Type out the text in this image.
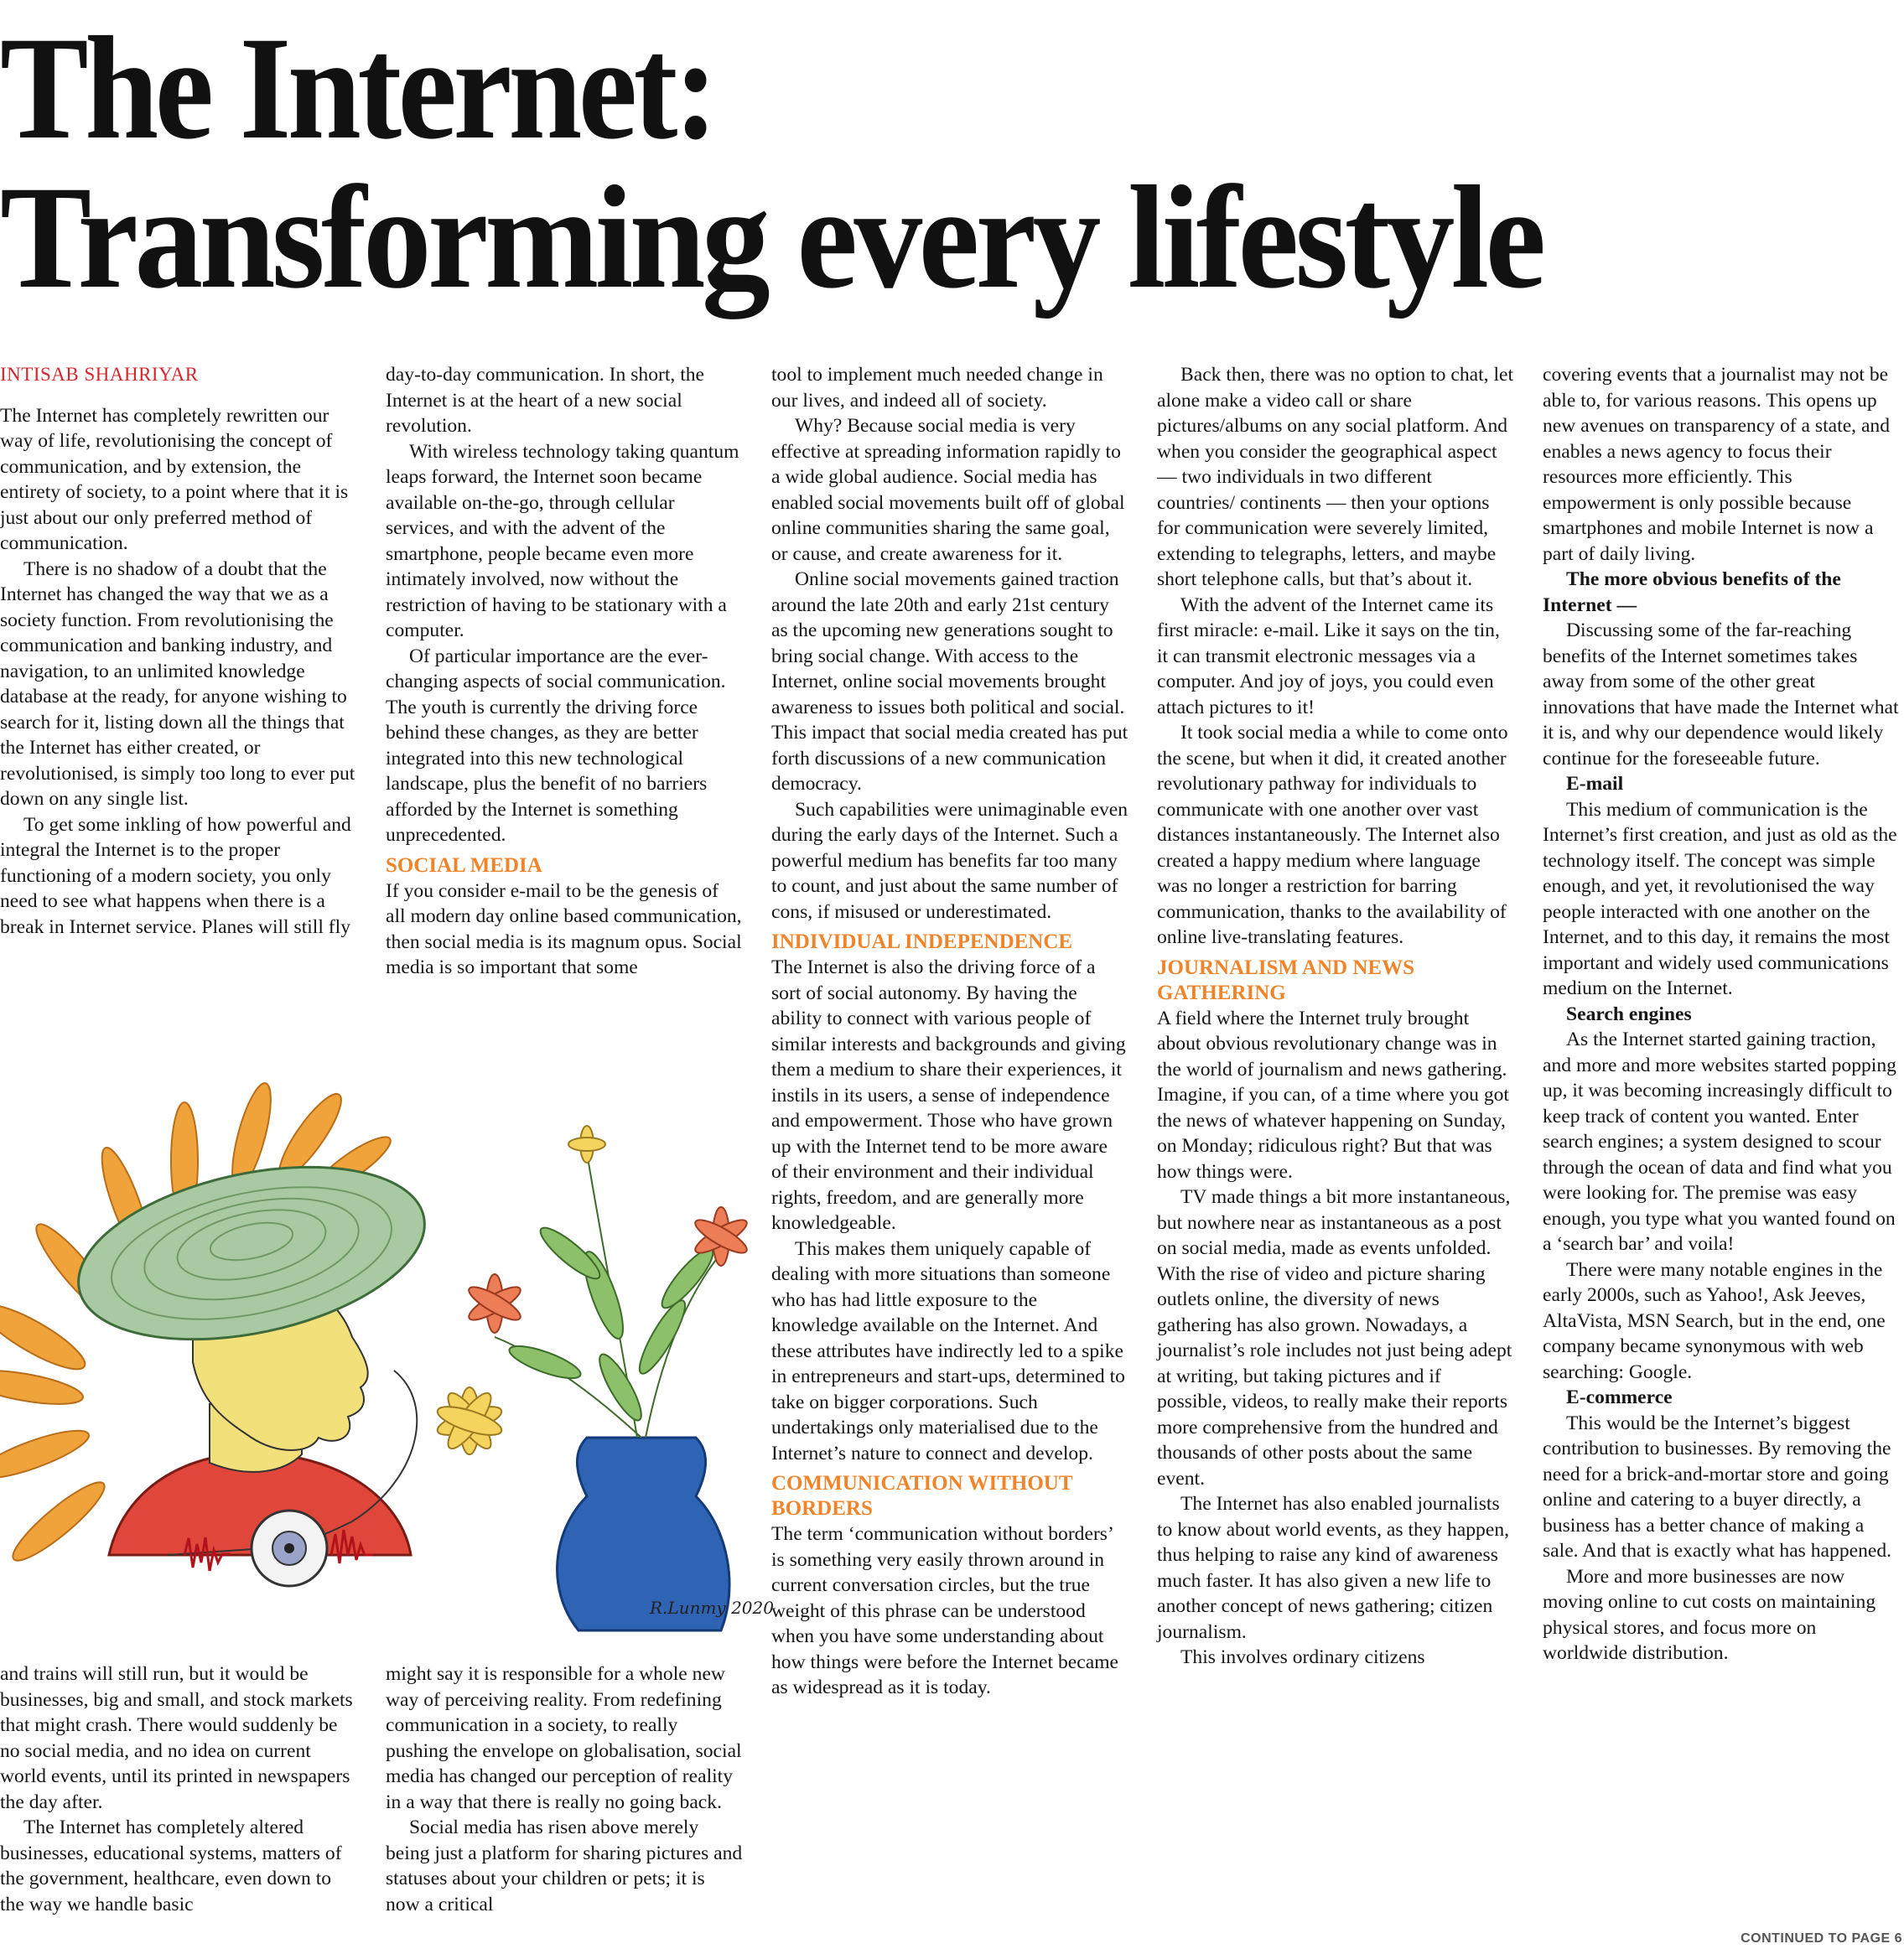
The Internet:
Transforming every lifestyle
INTISAB SHAHRIYAR

The Internet has completely rewritten our way of life, revolutionising the concept of communication, and by extension, the entirety of society, to a point where that it is just about our only preferred method of communication.

There is no shadow of a doubt that the Internet has changed the way that we as a society function. From revolutionising the communication and banking industry, and navigation, to an unlimited knowledge database at the ready, for anyone wishing to search for it, listing down all the things that the Internet has either created, or revolutionised, is simply too long to ever put down on any single list.

To get some inkling of how powerful and integral the Internet is to the proper functioning of a modern society, you only need to see what happens when there is a break in Internet service. Planes will still fly

and trains will still run, but it would be businesses, big and small, and stock markets that might crash. There would suddenly be no social media, and no idea on current world events, until its printed in newspapers the day after.

The Internet has completely altered businesses, educational systems, matters of the government, healthcare, even down to the way we handle basic

day-to-day communication. In short, the Internet is at the heart of a new social revolution.

With wireless technology taking quantum leaps forward, the Internet soon became available on-the-go, through cellular services, and with the advent of the smartphone, people became even more intimately involved, now without the restriction of having to be stationary with a computer.

Of particular importance are the ever-changing aspects of social communication. The youth is currently the driving force behind these changes, as they are better integrated into this new technological landscape, plus the benefit of no barriers afforded by the Internet is something unprecedented.

SOCIAL MEDIA

If you consider e-mail to be the genesis of all modern day online based communication, then social media is its magnum opus. Social media is so important that some

might say it is responsible for a whole new way of perceiving reality. From redefining communication in a society, to really pushing the envelope on globalisation, social media has changed our perception of reality in a way that there is really no going back.

Social media has risen above merely being just a platform for sharing pictures and statuses about your children or pets; it is now a critical

tool to implement much needed change in our lives, and indeed all of society.

Why? Because social media is very effective at spreading information rapidly to a wide global audience. Social media has enabled social movements built off of global online communities sharing the same goal, or cause, and create awareness for it.

Online social movements gained traction around the late 20th and early 21st century as the upcoming new generations sought to bring social change. With access to the Internet, online social movements brought awareness to issues both political and social. This impact that social media created has put forth discussions of a new communication democracy.

Such capabilities were unimaginable even during the early days of the Internet. Such a powerful medium has benefits far too many to count, and just about the same number of cons, if misused or underestimated.

INDIVIDUAL INDEPENDENCE

The Internet is also the driving force of a sort of social autonomy. By having the ability to connect with various people of similar interests and backgrounds and giving them a medium to share their experiences, it instils in its users, a sense of independence and empowerment. Those who have grown up with the Internet tend to be more aware of their environment and their individual rights, freedom, and are generally more knowledgeable.

This makes them uniquely capable of dealing with more situations than someone who has had little exposure to the knowledge available on the Internet. And these attributes have indirectly led to a spike in entrepreneurs and start-ups, determined to take on bigger corporations. Such undertakings only materialised due to the Internet’s nature to connect and develop.

COMMUNICATION WITHOUT BORDERS

The term ‘communication without borders’ is something very easily thrown around in current conversation circles, but the true weight of this phrase can be understood when you have some understanding about how things were before the Internet became as widespread as it is today.

Back then, there was no option to chat, let alone make a video call or share pictures/albums on any social platform. And when you consider the geographical aspect — two individuals in two different countries/ continents — then your options for communication were severely limited, extending to telegraphs, letters, and maybe short telephone calls, but that’s about it.

With the advent of the Internet came its first miracle: e-mail. Like it says on the tin, it can transmit electronic messages via a computer. And joy of joys, you could even attach pictures to it!

It took social media a while to come onto the scene, but when it did, it created another revolutionary pathway for individuals to communicate with one another over vast distances instantaneously. The Internet also created a happy medium where language was no longer a restriction for barring communication, thanks to the availability of online live-translating features.

JOURNALISM AND NEWS GATHERING

A field where the Internet truly brought about obvious revolutionary change was in the world of journalism and news gathering. Imagine, if you can, of a time where you got the news of whatever happening on Sunday, on Monday; ridiculous right? But that was how things were.

TV made things a bit more instantaneous, but nowhere near as instantaneous as a post on social media, made as events unfolded. With the rise of video and picture sharing outlets online, the diversity of news gathering has also grown. Nowadays, a journalist’s role includes not just being adept at writing, but taking pictures and if possible, videos, to really make their reports more comprehensive from the hundred and thousands of other posts about the same event.

The Internet has also enabled journalists to know about world events, as they happen, thus helping to raise any kind of awareness much faster. It has also given a new life to another concept of news gathering; citizen journalism.

This involves ordinary citizens

covering events that a journalist may not be able to, for various reasons. This opens up new avenues on transparency of a state, and enables a news agency to focus their resources more efficiently. This empowerment is only possible because smartphones and mobile Internet is now a part of daily living.

The more obvious benefits of the Internet —

Discussing some of the far-reaching benefits of the Internet sometimes takes away from some of the other great innovations that have made the Internet what it is, and why our dependence would likely continue for the foreseeable future.

E-mail

This medium of communication is the Internet’s first creation, and just as old as the technology itself. The concept was simple enough, and yet, it revolutionised the way people interacted with one another on the Internet, and to this day, it remains the most important and widely used communications medium on the Internet.

Search engines

As the Internet started gaining traction, and more and more websites started popping up, it was becoming increasingly difficult to keep track of content you wanted. Enter search engines; a system designed to scour through the ocean of data and find what you were looking for. The premise was easy enough, you type what you wanted found on a ‘search bar’ and voila!

There were many notable engines in the early 2000s, such as Yahoo!, Ask Jeeves, AltaVista, MSN Search, but in the end, one company became synonymous with web searching: Google.

E-commerce

This would be the Internet’s biggest contribution to businesses. By removing the need for a brick-and-mortar store and going online and catering to a buyer directly, a business has a better chance of making a sale. And that is exactly what has happened.

More and more businesses are now moving online to cut costs on maintaining physical stores, and focus more on worldwide distribution.

R.Lunmy 2020
CONTINUED TO PAGE 6
